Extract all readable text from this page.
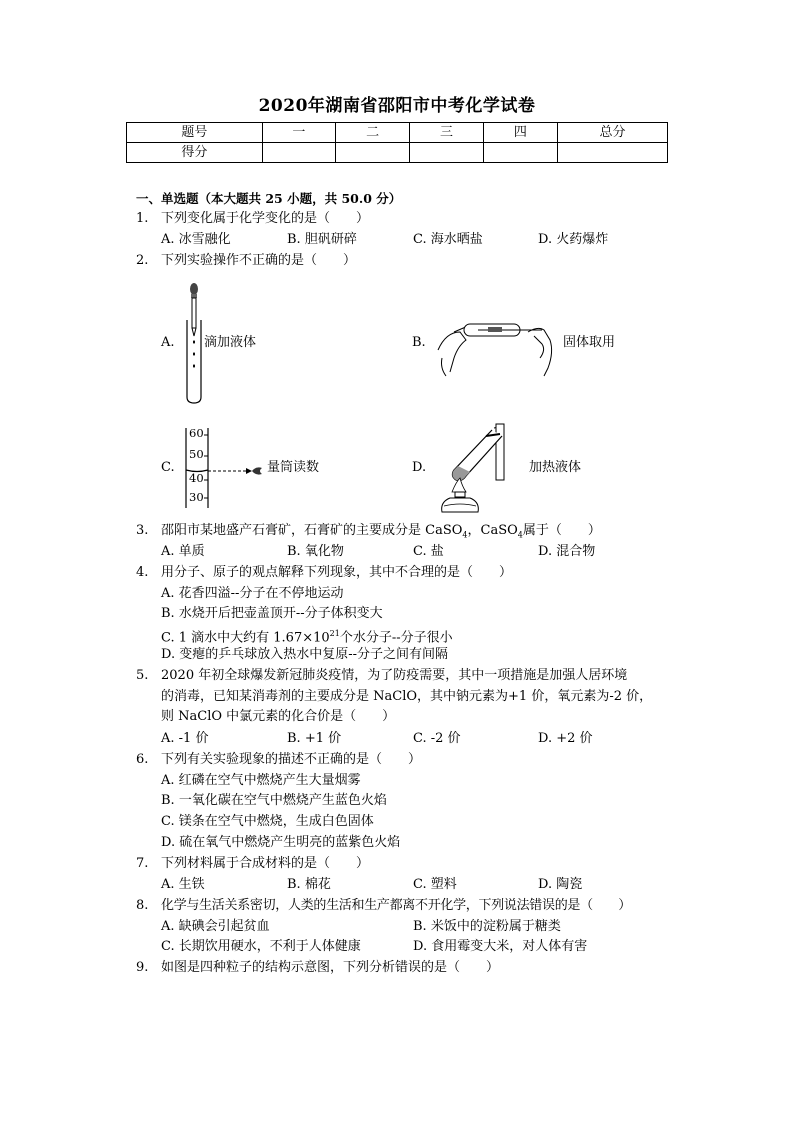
2020年湖南省邵阳市中考化学试卷
题号	一	二	三	四	总分
得分					
一、单选题（本大题共 25 小题，共 50.0 分）
1. 下列变化属于化学变化的是（　　）
A. 冰雪融化	B. 胆矾研碎	C. 海水晒盐	D. 火药爆炸
2. 下列实验操作不正确的是（　　）
A. 滴加液体	B.	固体取用
C.
60
50
40
30
量筒读数	D.	加热液体
3. 邵阳市某地盛产石膏矿，石膏矿的主要成分是 CaSO$_4$，CaSO$_4$属于（　　）
A. 单质	B. 氧化物	C. 盐	D. 混合物
4. 用分子、原子的观点解释下列现象，其中不合理的是（　　）
A. 花香四溢--分子在不停地运动
B. 水烧开后把壶盖顶开--分子体积变大
C. 1 滴水中大约有 $1.67\times 10^{21}$个水分子--分子很小
D. 变瘪的乒乓球放入热水中复原--分子之间有间隔
5. 2020 年初全球爆发新冠肺炎疫情，为了防疫需要，其中一项措施是加强人居环境
的消毒，已知某消毒剂的主要成分是 NaClO，其中钠元素为+1 价，氧元素为-2 价，
则 NaClO 中氯元素的化合价是（　　）
A. -1 价	B. +1 价	C. -2 价	D. +2 价
6. 下列有关实验现象的描述不正确的是（　　）
A. 红磷在空气中燃烧产生大量烟雾
B. 一氧化碳在空气中燃烧产生蓝色火焰
C. 镁条在空气中燃烧，生成白色固体
D. 硫在氧气中燃烧产生明亮的蓝紫色火焰
7. 下列材料属于合成材料的是（　　）
A. 生铁	B. 棉花	C. 塑料	D. 陶瓷
8. 化学与生活关系密切，人类的生活和生产都离不开化学，下列说法错误的是（　　）
A. 缺碘会引起贫血	B. 米饭中的淀粉属于糖类
C. 长期饮用硬水，不利于人体健康	D. 食用霉变大米，对人体有害
9. 如图是四种粒子的结构示意图，下列分析错误的是（　　）
